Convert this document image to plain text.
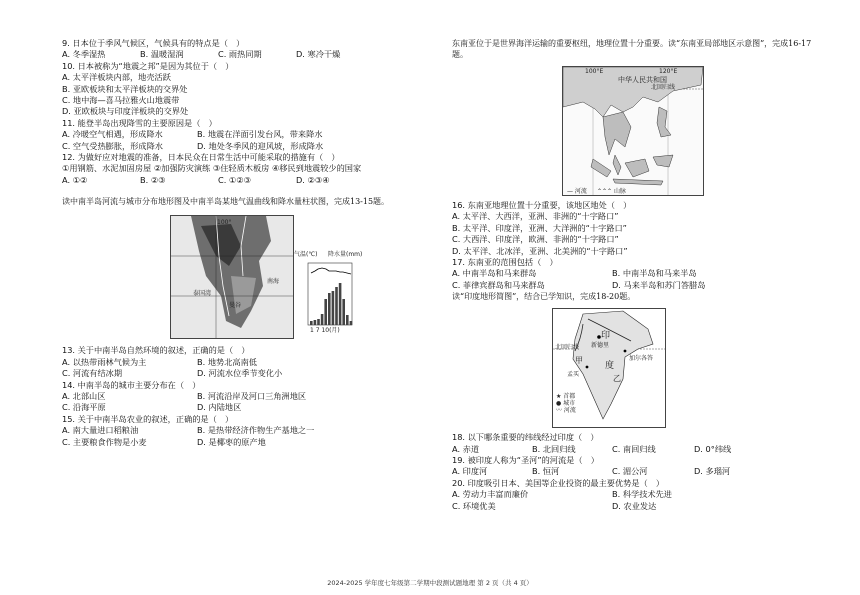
9. 日本位于季风气候区，气候具有的特点是（　）
A. 冬季湿热	B. 温暖湿润	C. 雨热同期	D. 寒冷干燥
10. 日本被称为“地震之邦”是因为其位于（　）
A. 太平洋板块内部，地壳活跃
B. 亚欧板块和太平洋板块的交界处
C. 地中海—喜马拉雅火山地震带
D. 亚欧板块与印度洋板块的交界处
11. 能登半岛出现降雪的主要原因是（　）
A. 冷暖空气相遇，形成降水	B. 地震在洋面引发台风，带来降水
C. 空气受热膨胀，形成降水	D. 地处冬季风的迎风坡，形成降水
12. 为做好应对地震的准备，日本民众在日常生活中可能采取的措施有（　）
①用钢筋、水泥加固房屋 ②加强防灾演练 ③住轻质木板房 ④移民到地震较少的国家
A. ①②	B. ②③	C. ①②③	D. ②③④
读中南半岛河流与城市分布地形图及中南半岛某地气温曲线和降水量柱状图，完成13-15题。
100°
曼谷
南海
泰国湾
气温(℃) 降水量(mm)
1 7 10(月)
13. 关于中南半岛自然环境的叙述，正确的是（　）
A. 以热带雨林气候为主	B. 地势北高南低
C. 河流有结冰期	D. 河流水位季节变化小
14. 中南半岛的城市主要分布在（　）
A. 北部山区	B. 河流沿岸及河口三角洲地区
C. 沿海平原	D. 内陆地区
15. 关于中南半岛农业的叙述，正确的是（　）
A. 南大量进口稻粮油	B. 是热带经济作物生产基地之一
C. 主要粮食作物是小麦	D. 是椰枣的原产地
东南亚位于是世界海洋运输的重要枢纽，地理位置十分重要。读“东南亚局部地区示意图”，完成16-17题。
100°E	120°E
中华人民共和国
北回归线
— 河流 ⌃⌃⌃ 山脉
16. 东南亚地理位置十分重要，该地区地处（　）
A. 太平洋、大西洋，亚洲、非洲的“十字路口”
B. 太平洋、印度洋，亚洲、大洋洲的“十字路口”
C. 大西洋、印度洋，欧洲、非洲的“十字路口”
D. 太平洋、北冰洋，亚洲、北美洲的“十字路口”
17. 东南亚的范围包括（　）
A. 中南半岛和马来群岛	B. 中南半岛和马来半岛
C. 菲律宾群岛和马来群岛	D. 马来半岛和苏门答腊岛
读“印度地形简图”，结合已学知识，完成18-20题。
印
度
甲
乙
北回归线 新德里
加尔各答
孟买
★ 首都
● 城市
〰 河流
18. 以下哪条重要的纬线经过印度（　）
A. 赤道	B. 北回归线	C. 南回归线	D. 0°纬线
19. 被印度人称为“圣河”的河流是（　）
A. 印度河	B. 恒河	C. 湄公河	D. 多瑙河
20. 印度吸引日本、美国等企业投资的最主要优势是（　）
A. 劳动力丰富而廉价	B. 科学技术先进
C. 环境优美	D. 农业发达
2024-2025 学年度七年级第二学期中段测试题地理 第 2 页（共 4 页）
